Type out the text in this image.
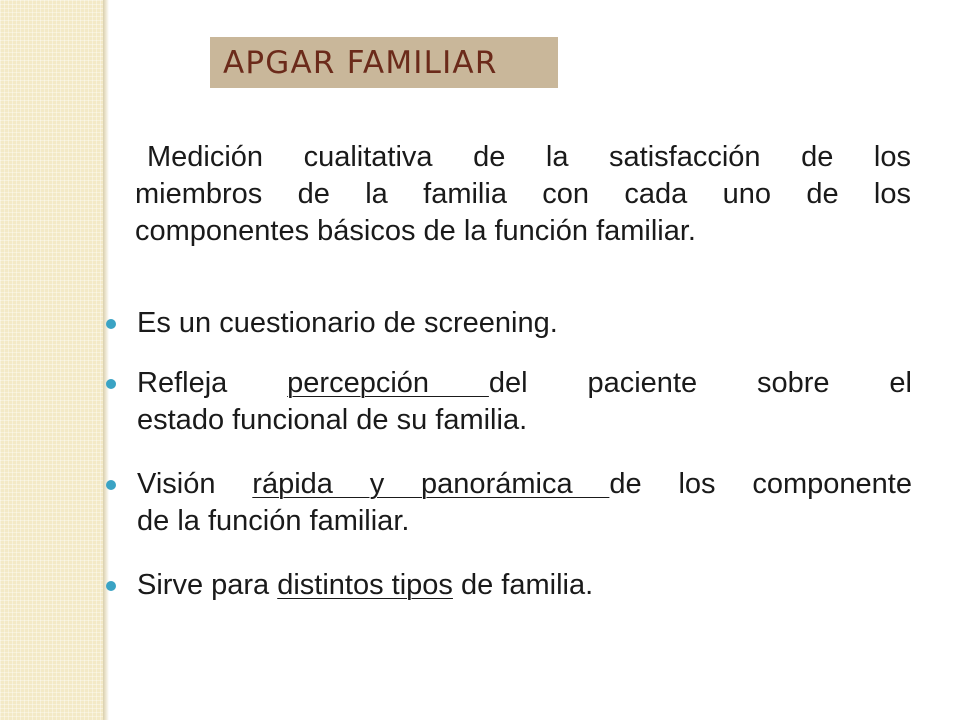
APGAR FAMILIAR
Medición cualitativa de la satisfacción de los
miembros de la familia con cada uno de los
componentes básicos de la función familiar.
Es un cuestionario de screening.
Refleja percepción del paciente sobre el
estado funcional de su familia.
Visión rápida y panorámica de los componente
de la función familiar.
Sirve para distintos tipos de familia.
